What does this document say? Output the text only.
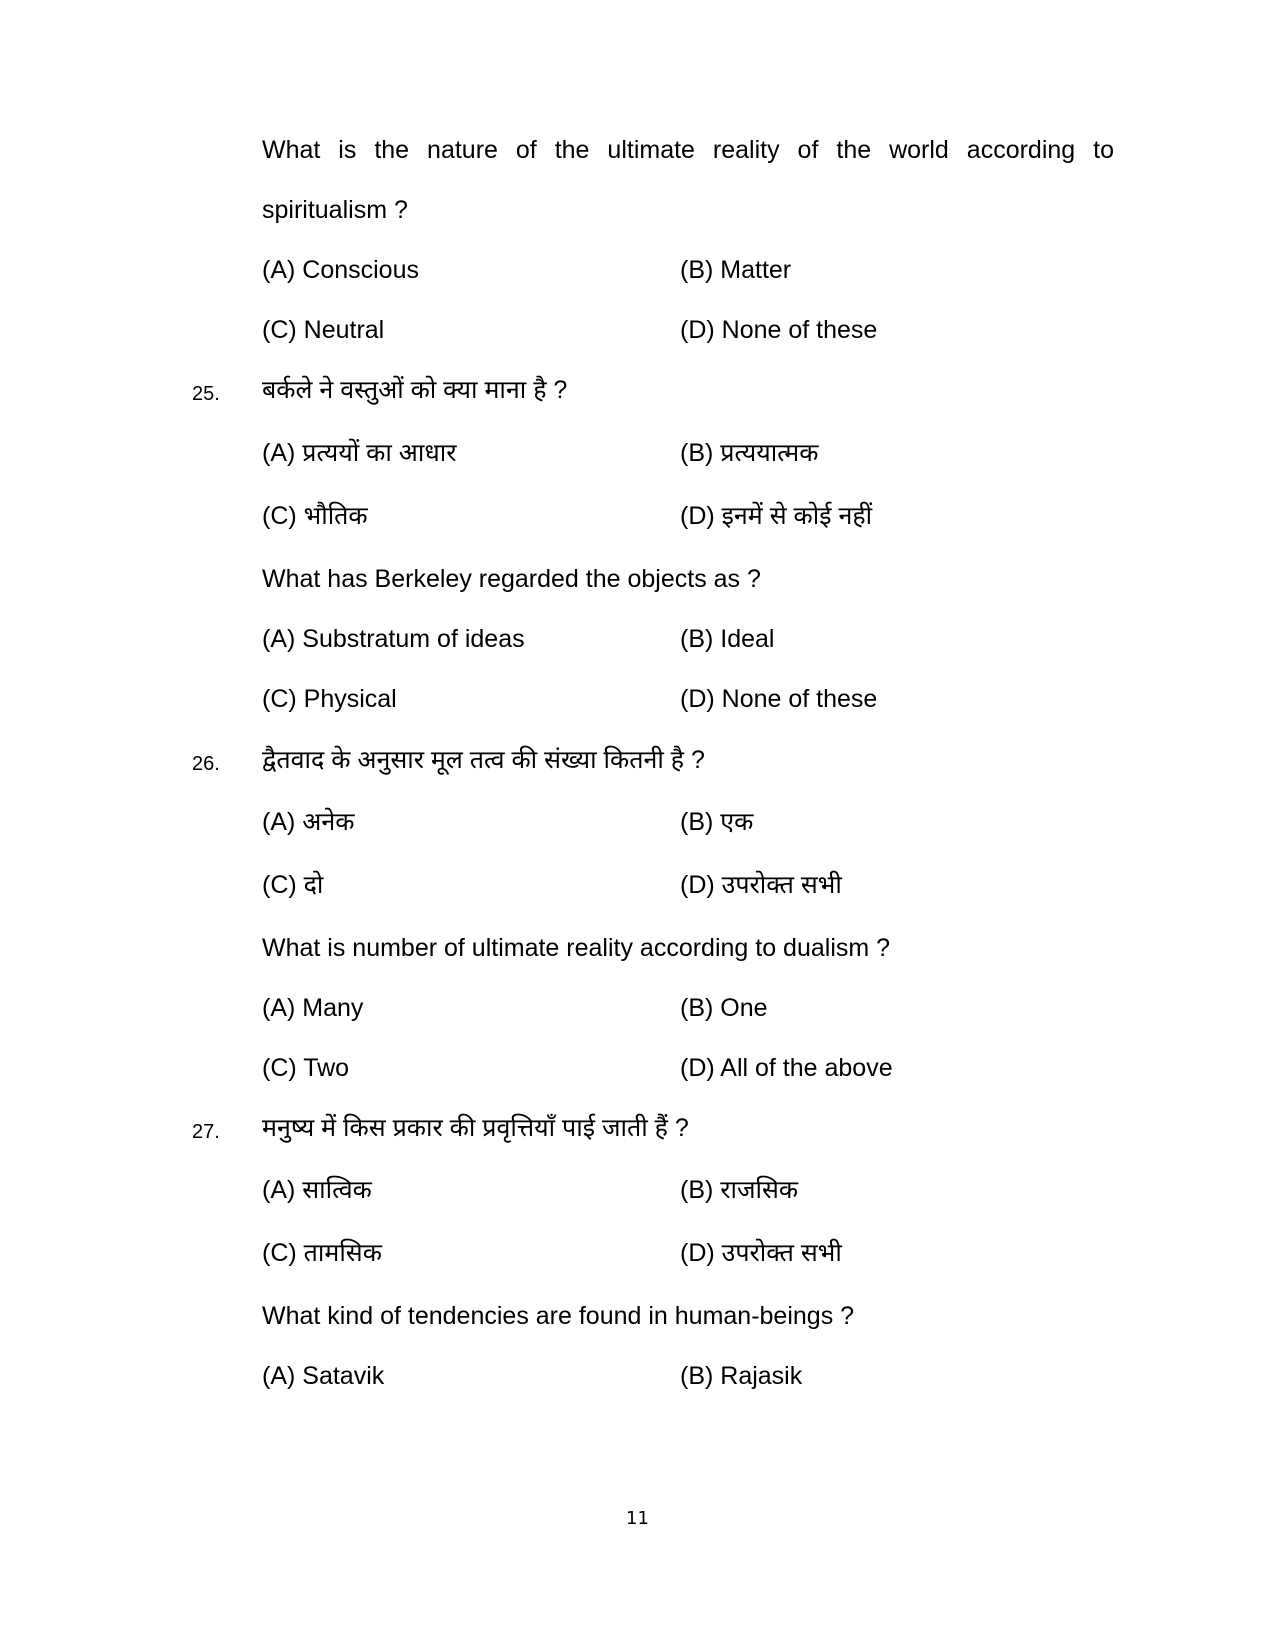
What is the nature of the ultimate reality of the world according to
spiritualism ?
(A) Conscious	(B) Matter
(C) Neutral	(D) None of these
25. बर्कले ने वस्तुओं को क्या माना है ?
(A) प्रत्ययों का आधार	(B) प्रत्ययात्मक
(C) भौतिक	(D) इनमें से कोई नहीं
What has Berkeley regarded the objects as ?
(A) Substratum of ideas	(B) Ideal
(C) Physical	(D) None of these
26. द्वैतवाद के अनुसार मूल तत्व की संख्या कितनी है ?
(A) अनेक	(B) एक
(C) दो	(D) उपरोक्त सभी
What is number of ultimate reality according to dualism ?
(A) Many	(B) One
(C) Two	(D) All of the above
27. मनुष्य में किस प्रकार की प्रवृत्तियाँ पाई जाती हैं ?
(A) सात्विक	(B) राजसिक
(C) तामसिक	(D) उपरोक्त सभी
What kind of tendencies are found in human-beings ?
(A) Satavik	(B) Rajasik
11
